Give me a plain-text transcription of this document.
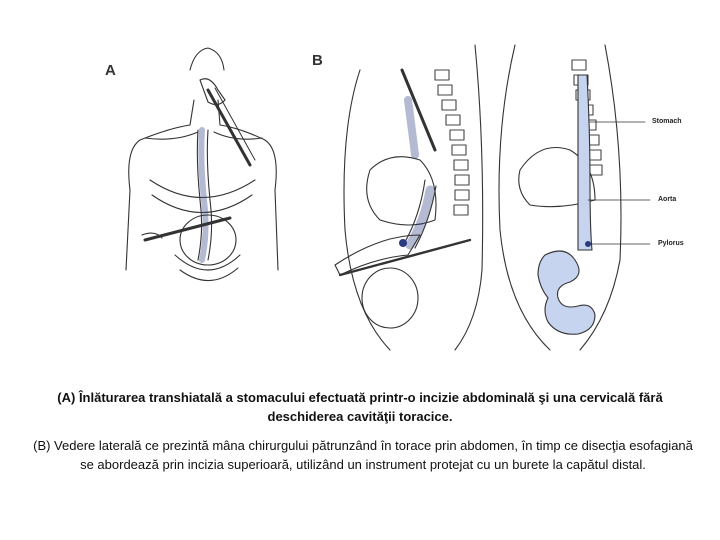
A
B
Stomach
Aorta
Pylorus
(A) Înlăturarea transhiatală a stomacului efectuată printr-o incizie abdominală şi una cervicală fără deschiderea cavităţii toracice.
(B) Vedere laterală ce prezintă mâna chirurgului pătrunzând în torace prin abdomen, în timp ce disecţia esofagiană se abordează prin incizia superioară, utilizând un instrument protejat cu un burete la capătul distal.
